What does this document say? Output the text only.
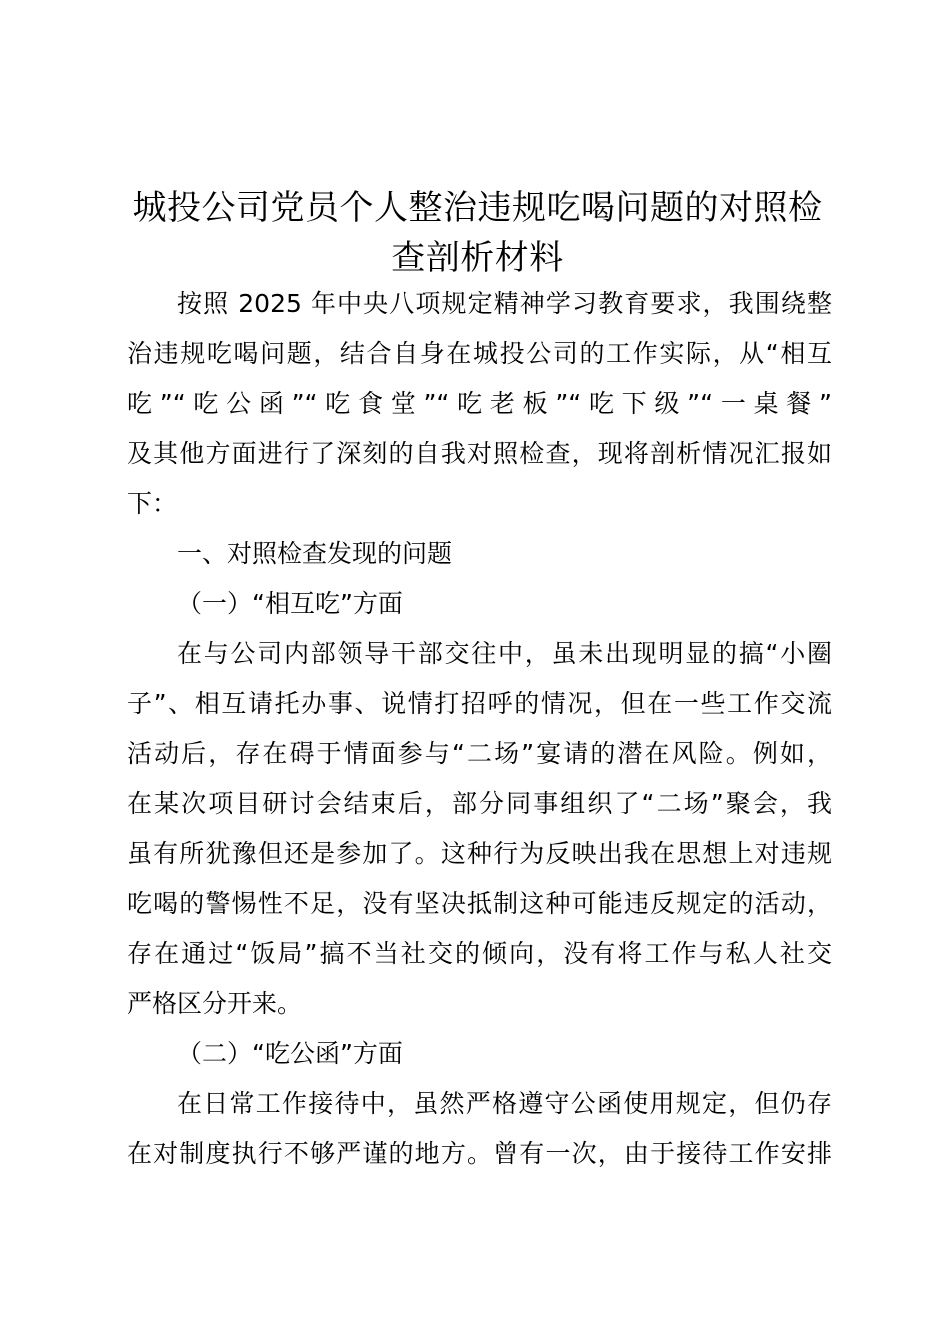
城投公司党员个人整治违规吃喝问题的对照检
查剖析材料
按照 2025 年中央八项规定精神学习教育要求，我围绕整
治违规吃喝问题，结合自身在城投公司的工作实际，从“相互
吃”“吃公函”“吃食堂”“吃老板”“吃下级”“一桌餐”
及其他方面进行了深刻的自我对照检查，现将剖析情况汇报如
下：
一、对照检查发现的问题
（一）“相互吃”方面
在与公司内部领导干部交往中，虽未出现明显的搞“小圈
子”、相互请托办事、说情打招呼的情况，但在一些工作交流
活动后，存在碍于情面参与“二场”宴请的潜在风险。例如，
在某次项目研讨会结束后，部分同事组织了“二场”聚会，我
虽有所犹豫但还是参加了。这种行为反映出我在思想上对违规
吃喝的警惕性不足，没有坚决抵制这种可能违反规定的活动，
存在通过“饭局”搞不当社交的倾向，没有将工作与私人社交
严格区分开来。
（二）“吃公函”方面
在日常工作接待中，虽然严格遵守公函使用规定，但仍存
在对制度执行不够严谨的地方。曾有一次，由于接待工作安排
